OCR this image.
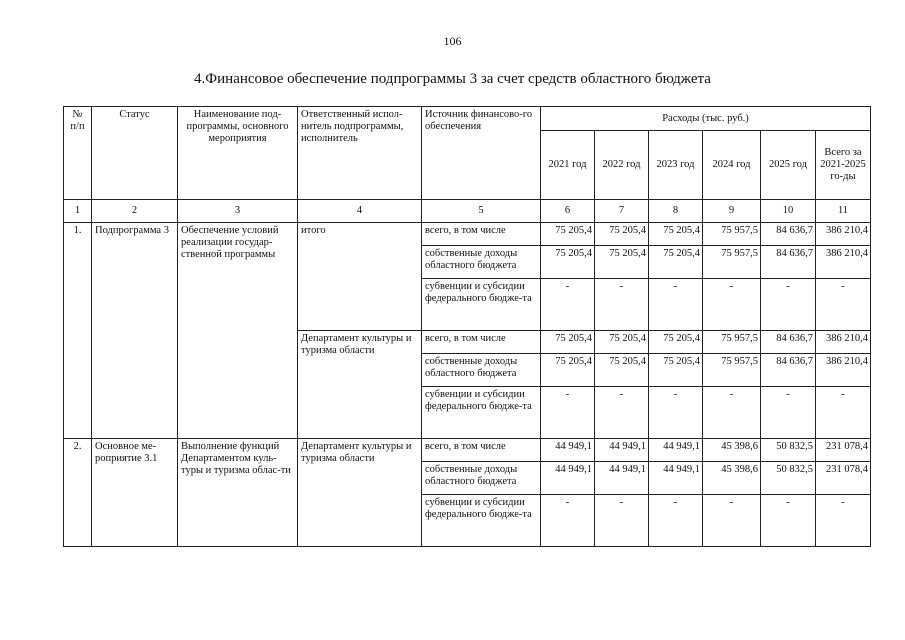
106
4.Финансовое обеспечение подпрограммы 3 за счет средств областного бюджета
№ п/п	Статус	Наименование под-программы, основного мероприятия	Ответственный испол-нитель подпрограммы, исполнитель	Источник финансово-го обеспечения	Расходы (тыс. руб.)					
					2021 год	2022 год	2023 год	2024 год	2025 год	Всего за 2021-2025 го-ды
1	2	3	4	5	6	7	8	9	10	11
1.	Подпрограмма 3	Обеспечение условий реализации государ-ственной программы	итого	всего, в том числе	75 205,4	75 205,4	75 205,4	75 957,5	84 636,7	386 210,4
				собственные доходы областного бюджета	75 205,4	75 205,4	75 205,4	75 957,5	84 636,7	386 210,4
				субвенции и субсидии федерального бюдже-та	-	-	-	-	-	-
			Департамент культуры и туризма области	всего, в том числе	75 205,4	75 205,4	75 205,4	75 957,5	84 636,7	386 210,4
				собственные доходы областного бюджета	75 205,4	75 205,4	75 205,4	75 957,5	84 636,7	386 210,4
				субвенции и субсидии федерального бюдже-та	-	-	-	-	-	-
2.	Основное ме-роприятие 3.1	Выполнение функций Департаментом куль-туры и туризма облас-ти	Департамент культуры и туризма области	всего, в том числе	44 949,1	44 949,1	44 949,1	45 398,6	50 832,5	231 078,4
				собственные доходы областного бюджета	44 949,1	44 949,1	44 949,1	45 398,6	50 832,5	231 078,4
				субвенции и субсидии федерального бюдже-та	-	-	-	-	-	-
